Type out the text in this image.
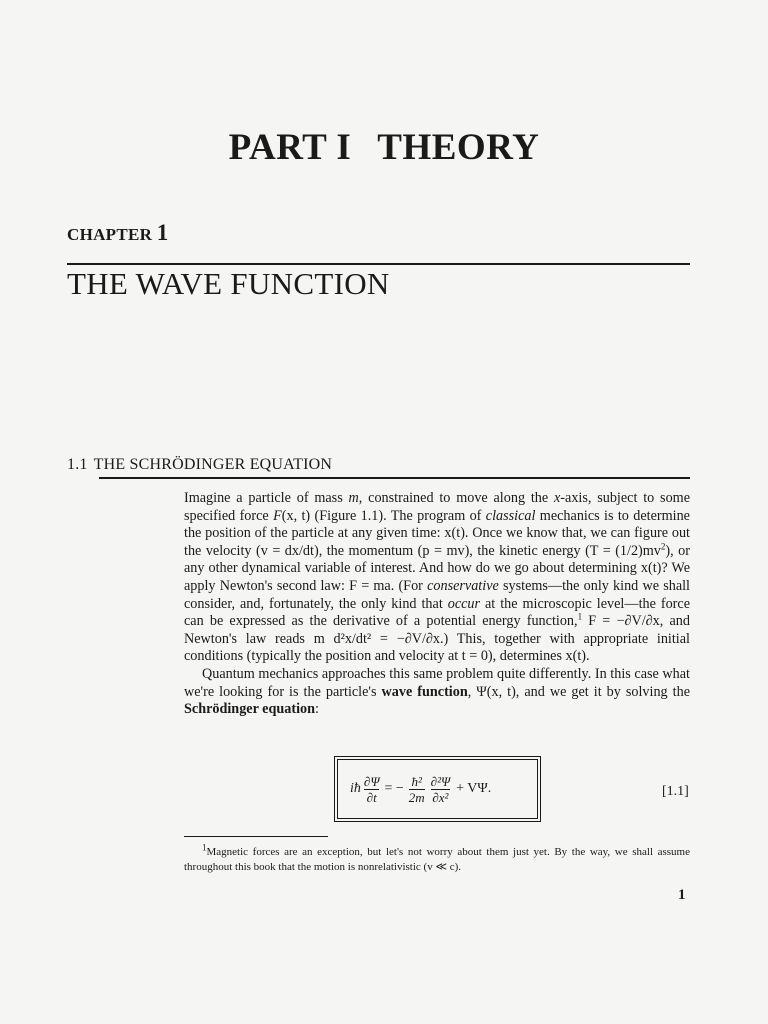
PART I THEORY
CHAPTER 1
THE WAVE FUNCTION
1.1 THE SCHRÖDINGER EQUATION

Imagine a particle of mass m, constrained to move along the x-axis, subject to some specified force F(x, t) (Figure 1.1). The program of classical mechanics is to determine the position of the particle at any given time: x(t). Once we know that, we can figure out the velocity (v = dx/dt), the momentum (p = mv), the kinetic energy $(T = (1/2)mv^2)$, or any other dynamical variable of interest. And how do we go about determining x(t)? We apply Newton's second law: F = ma. (For conservative systems—the only kind we shall consider, and, fortunately, the only kind that occur at the microscopic level—the force can be expressed as the derivative of a potential energy function,$^1$ F = −∂V/∂x, and Newton's law reads m d²x/dt² = −∂V/∂x.) This, together with appropriate initial conditions (typically the position and velocity at t = 0), determines x(t).

Quantum mechanics approaches this same problem quite differently. In this case what we're looking for is the particle's wave function, Ψ(x, t), and we get it by solving the Schrödinger equation:

iħ $\frac{\partial\Psi}{\partial t}$ = − $\frac{\text{ħ²}}{2m} \frac{\text{∂²Ψ}}{\text{∂x²}} + V\Psi$.	[1.1]

$^1$Magnetic forces are an exception, but let's not worry about them just yet. By the way, we shall assume throughout this book that the motion is nonrelativistic (v ≪ c).

1
